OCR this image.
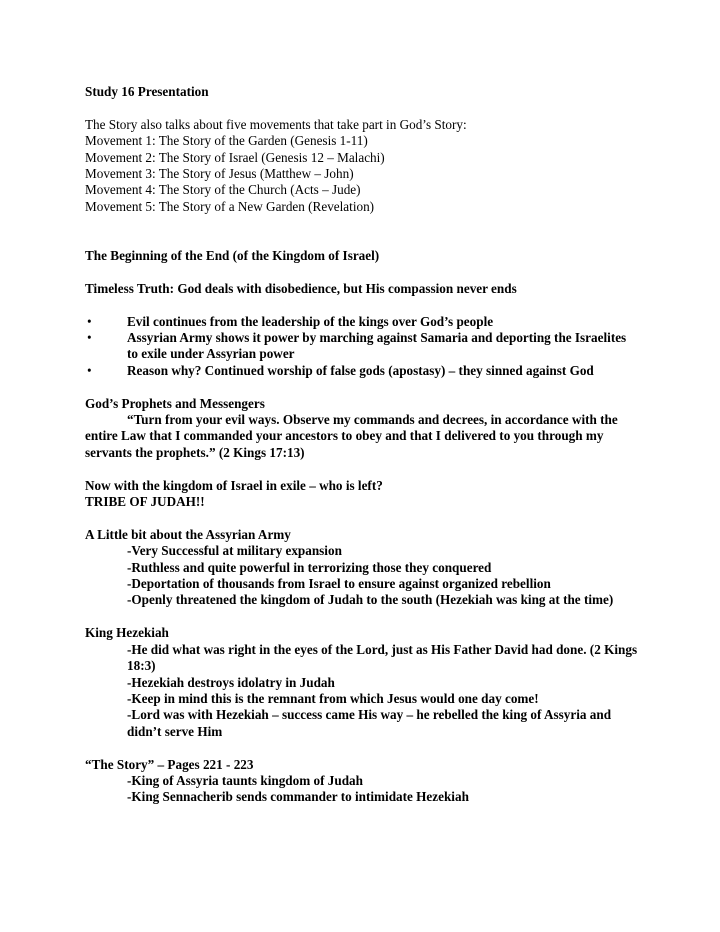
Study 16 Presentation

The Story also talks about five movements that take part in God’s Story:

Movement 1: The Story of the Garden (Genesis 1-11)

Movement 2: The Story of Israel (Genesis 12 – Malachi)

Movement 3: The Story of Jesus (Matthew – John)

Movement 4: The Story of the Church (Acts – Jude)

Movement 5: The Story of a New Garden (Revelation)

The Beginning of the End (of the Kingdom of Israel)

Timeless Truth: God deals with disobedience, but His compassion never ends

•	Evil continues from the leadership of the kings over God’s people
•	Assyrian Army shows it power by marching against Samaria and deporting the Israelites to exile under Assyrian power
•	Reason why? Continued worship of false gods (apostasy) – they sinned against God

God’s Prophets and Messengers

“Turn from your evil ways. Observe my commands and decrees, in accordance with the entire Law that I commanded your ancestors to obey and that I delivered to you through my servants the prophets.” (2 Kings 17:13)

Now with the kingdom of Israel in exile – who is left?

TRIBE OF JUDAH!!

A Little bit about the Assyrian Army

-Very Successful at military expansion

-Ruthless and quite powerful in terrorizing those they conquered

-Deportation of thousands from Israel to ensure against organized rebellion

-Openly threatened the kingdom of Judah to the south (Hezekiah was king at the time)

King Hezekiah

-He did what was right in the eyes of the Lord, just as His Father David had done. (2 Kings 18:3)

-Hezekiah destroys idolatry in Judah

-Keep in mind this is the remnant from which Jesus would one day come!

-Lord was with Hezekiah – success came His way – he rebelled the king of Assyria and didn’t serve Him

“The Story” – Pages 221 - 223

-King of Assyria taunts kingdom of Judah

-King Sennacherib sends commander to intimidate Hezekiah
